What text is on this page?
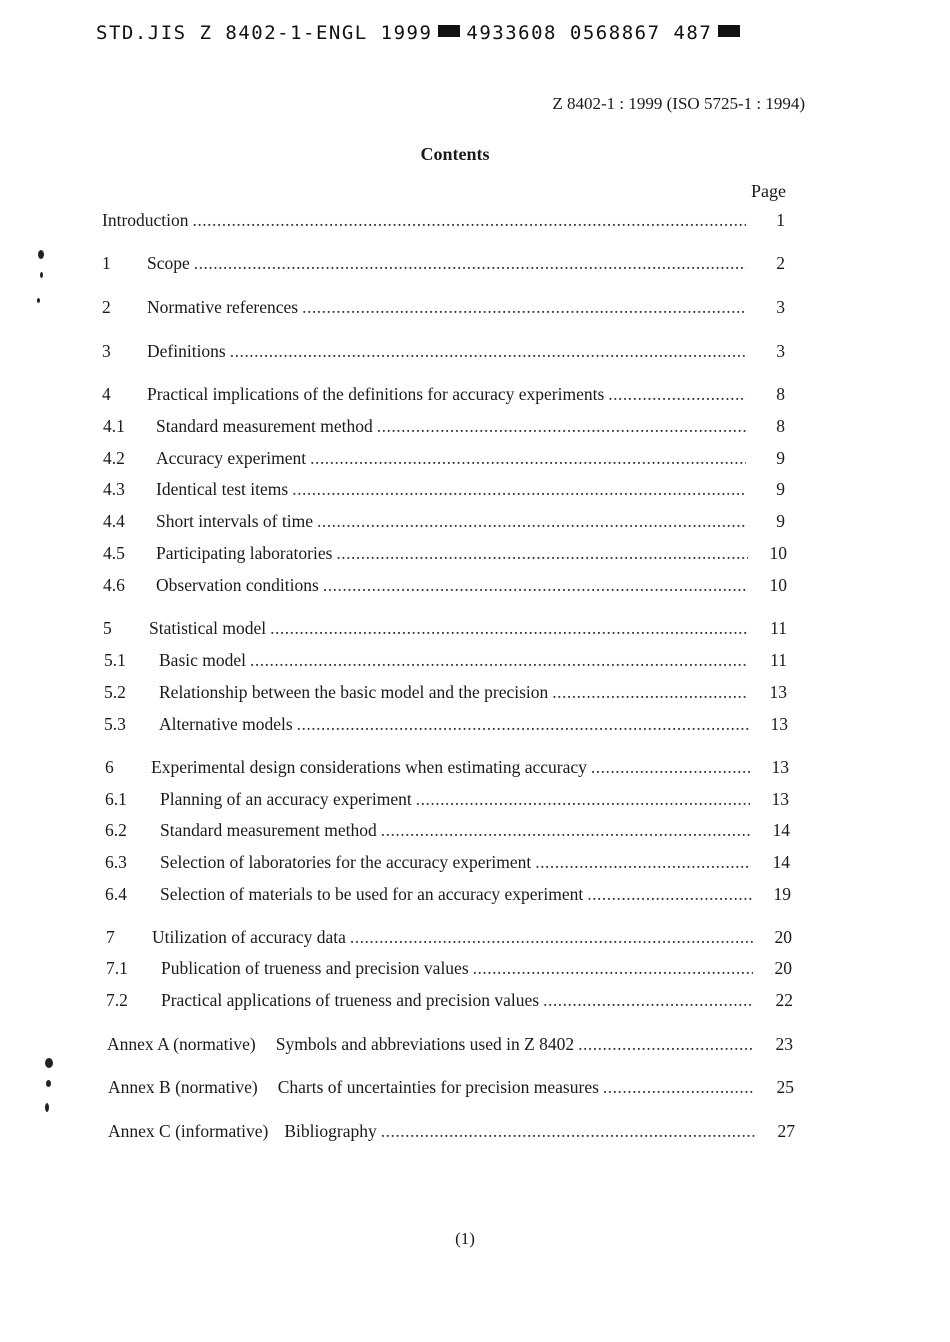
STD.JIS Z 8402-1-ENGL 1999 4933608 0568867 487
Z 8402-1 : 1999 (ISO 5725-1 : 1994)
Contents
Page
Introduction .....	1
1	Scope .....	2
2	Normative references .....	3
3	Definitions .....	3
4	Practical implications of the definitions for accuracy experiments .....	8
4.1	Standard measurement method .....	8
4.2	Accuracy experiment .....	9
4.3	Identical test items .....	9
4.4	Short intervals of time .....	9
4.5	Participating laboratories .....	10
4.6	Observation conditions .....	10
5	Statistical model .....	11
5.1	Basic model .....	11
5.2	Relationship between the basic model and the precision .....	13
5.3	Alternative models .....	13
6	Experimental design considerations when estimating accuracy .....	13
6.1	Planning of an accuracy experiment .....	13
6.2	Standard measurement method .....	14
6.3	Selection of laboratories for the accuracy experiment .....	14
6.4	Selection of materials to be used for an accuracy experiment .....	19
7	Utilization of accuracy data .....	20
7.1	Publication of trueness and precision values .....	20
7.2	Practical applications of trueness and precision values .....	22
Annex A (normative) Symbols and abbreviations used in Z 8402 .....	23
Annex B (normative) Charts of uncertainties for precision measures .....	25
Annex C (informative) Bibliography .....	27
(1)
